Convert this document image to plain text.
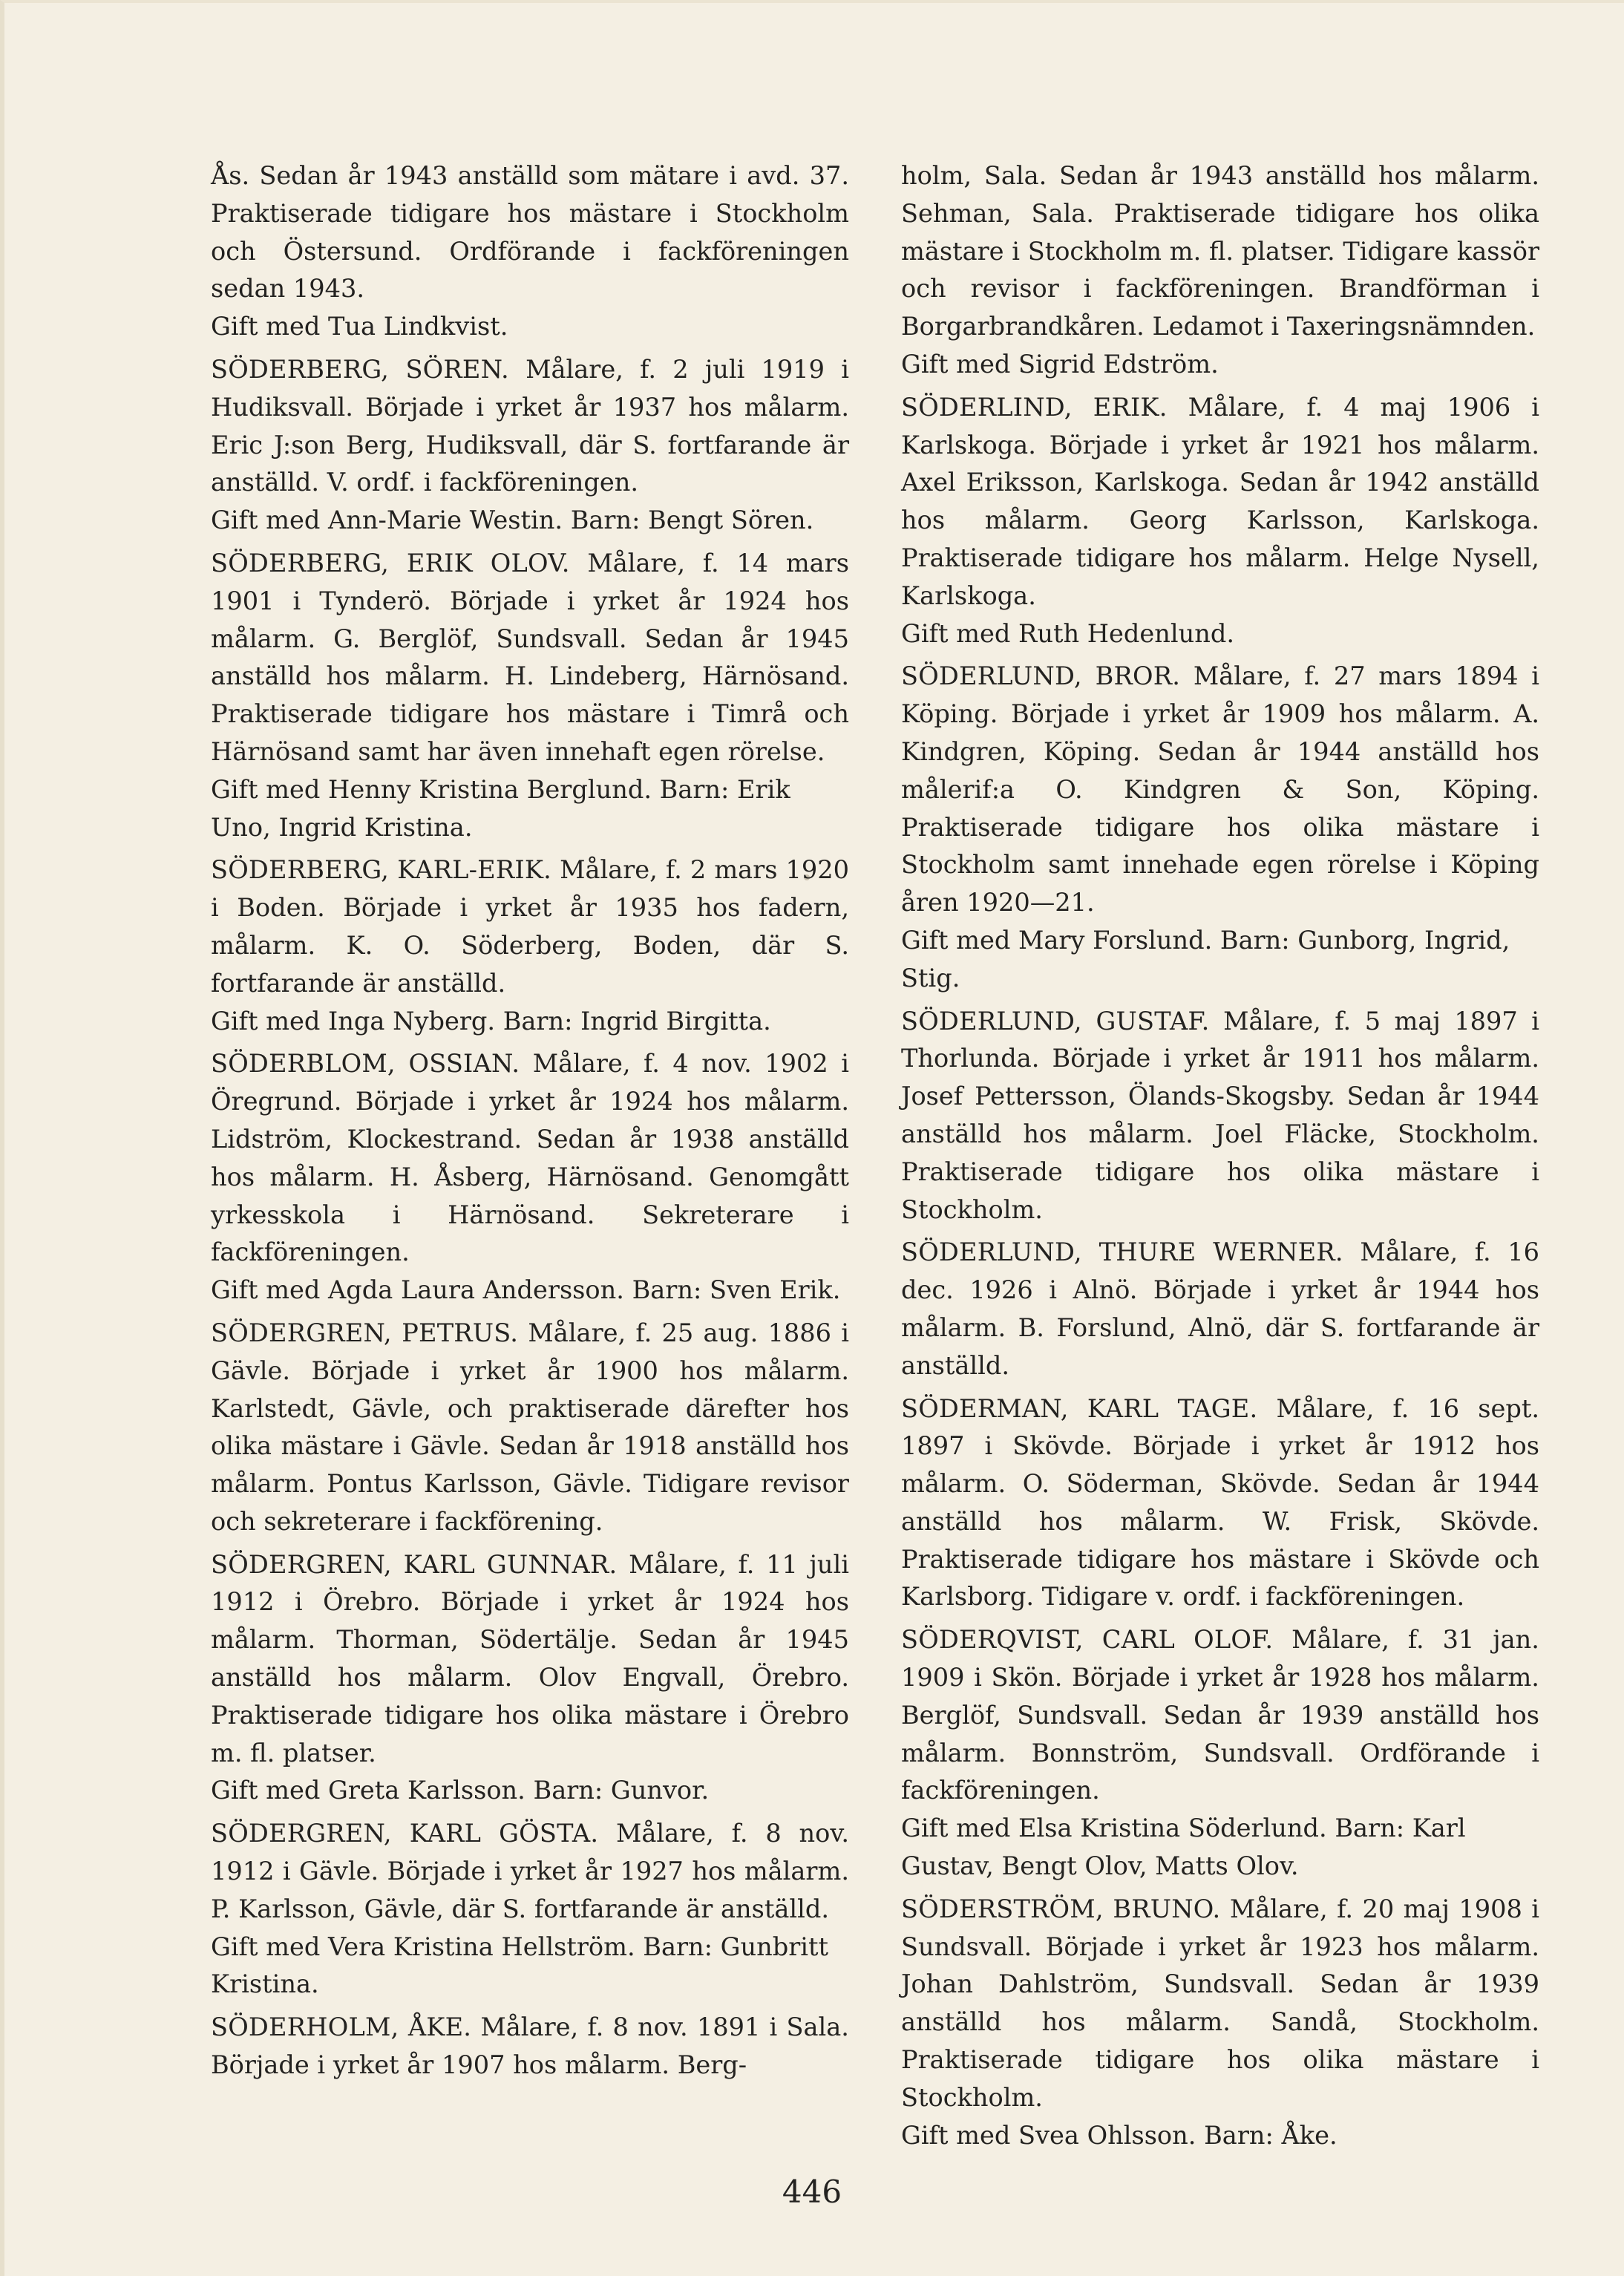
Ås. Sedan år 1943 anställd som mätare i avd. 37. Praktiserade tidigare hos mästare i Stockholm och Östersund. Ordförande i fackföreningen sedan 1943.

Gift med Tua Lindkvist.

SÖDERBERG, SÖREN. Målare, f. 2 juli 1919 i Hudiksvall. Började i yrket år 1937 hos målarm. Eric J:son Berg, Hudiksvall, där S. fortfarande är anställd. V. ordf. i fackföreningen.

Gift med Ann-Marie Westin. Barn: Bengt Sören.

SÖDERBERG, ERIK OLOV. Målare, f. 14 mars 1901 i Tynderö. Började i yrket år 1924 hos målarm. G. Berglöf, Sundsvall. Sedan år 1945 anställd hos målarm. H. Lindeberg, Härnösand. Praktiserade tidigare hos mästare i Timrå och Härnösand samt har även innehaft egen rörelse.

Gift med Henny Kristina Berglund. Barn: Erik Uno, Ingrid Kristina.

SÖDERBERG, KARL-ERIK. Målare, f. 2 mars 1920 i Boden. Började i yrket år 1935 hos fadern, målarm. K. O. Söderberg, Boden, där S. fortfarande är anställd.

Gift med Inga Nyberg. Barn: Ingrid Birgitta.

SÖDERBLOM, OSSIAN. Målare, f. 4 nov. 1902 i Öregrund. Började i yrket år 1924 hos målarm. Lidström, Klockestrand. Sedan år 1938 anställd hos målarm. H. Åsberg, Härnösand. Genomgått yrkesskola i Härnösand. Sekreterare i fackföreningen.

Gift med Agda Laura Andersson. Barn: Sven Erik.

SÖDERGREN, PETRUS. Målare, f. 25 aug. 1886 i Gävle. Började i yrket år 1900 hos målarm. Karlstedt, Gävle, och praktiserade därefter hos olika mästare i Gävle. Sedan år 1918 anställd hos målarm. Pontus Karlsson, Gävle. Tidigare revisor och sekreterare i fackförening.

SÖDERGREN, KARL GUNNAR. Målare, f. 11 juli 1912 i Örebro. Började i yrket år 1924 hos målarm. Thorman, Södertälje. Sedan år 1945 anställd hos målarm. Olov Engvall, Örebro. Praktiserade tidigare hos olika mästare i Örebro m. fl. platser.

Gift med Greta Karlsson. Barn: Gunvor.

SÖDERGREN, KARL GÖSTA. Målare, f. 8 nov. 1912 i Gävle. Började i yrket år 1927 hos målarm. P. Karlsson, Gävle, där S. fortfarande är anställd.

Gift med Vera Kristina Hellström. Barn: Gunbritt Kristina.

SÖDERHOLM, ÅKE. Målare, f. 8 nov. 1891 i Sala. Började i yrket år 1907 hos målarm. Berg-

holm, Sala. Sedan år 1943 anställd hos målarm. Sehman, Sala. Praktiserade tidigare hos olika mästare i Stockholm m. fl. platser. Tidigare kassör och revisor i fackföreningen. Brandförman i Borgarbrandkåren. Ledamot i Taxeringsnämnden.

Gift med Sigrid Edström.

SÖDERLIND, ERIK. Målare, f. 4 maj 1906 i Karlskoga. Började i yrket år 1921 hos målarm. Axel Eriksson, Karlskoga. Sedan år 1942 anställd hos målarm. Georg Karlsson, Karlskoga. Praktiserade tidigare hos målarm. Helge Nysell, Karlskoga.

Gift med Ruth Hedenlund.

SÖDERLUND, BROR. Målare, f. 27 mars 1894 i Köping. Började i yrket år 1909 hos målarm. A. Kindgren, Köping. Sedan år 1944 anställd hos målerif:a O. Kindgren & Son, Köping. Praktiserade tidigare hos olika mästare i Stockholm samt innehade egen rörelse i Köping åren 1920—21.

Gift med Mary Forslund. Barn: Gunborg, Ingrid, Stig.

SÖDERLUND, GUSTAF. Målare, f. 5 maj 1897 i Thorlunda. Började i yrket år 1911 hos målarm. Josef Pettersson, Ölands-Skogsby. Sedan år 1944 anställd hos målarm. Joel Fläcke, Stockholm. Praktiserade tidigare hos olika mästare i Stockholm.

SÖDERLUND, THURE WERNER. Målare, f. 16 dec. 1926 i Alnö. Började i yrket år 1944 hos målarm. B. Forslund, Alnö, där S. fortfarande är anställd.

SÖDERMAN, KARL TAGE. Målare, f. 16 sept. 1897 i Skövde. Började i yrket år 1912 hos målarm. O. Söderman, Skövde. Sedan år 1944 anställd hos målarm. W. Frisk, Skövde. Praktiserade tidigare hos mästare i Skövde och Karlsborg. Tidigare v. ordf. i fackföreningen.

SÖDERQVIST, CARL OLOF. Målare, f. 31 jan. 1909 i Skön. Började i yrket år 1928 hos målarm. Berglöf, Sundsvall. Sedan år 1939 anställd hos målarm. Bonnström, Sundsvall. Ordförande i fackföreningen.

Gift med Elsa Kristina Söderlund. Barn: Karl Gustav, Bengt Olov, Matts Olov.

SÖDERSTRÖM, BRUNO. Målare, f. 20 maj 1908 i Sundsvall. Började i yrket år 1923 hos målarm. Johan Dahlström, Sundsvall. Sedan år 1939 anställd hos målarm. Sandå, Stockholm. Praktiserade tidigare hos olika mästare i Stockholm.

Gift med Svea Ohlsson. Barn: Åke.

446
